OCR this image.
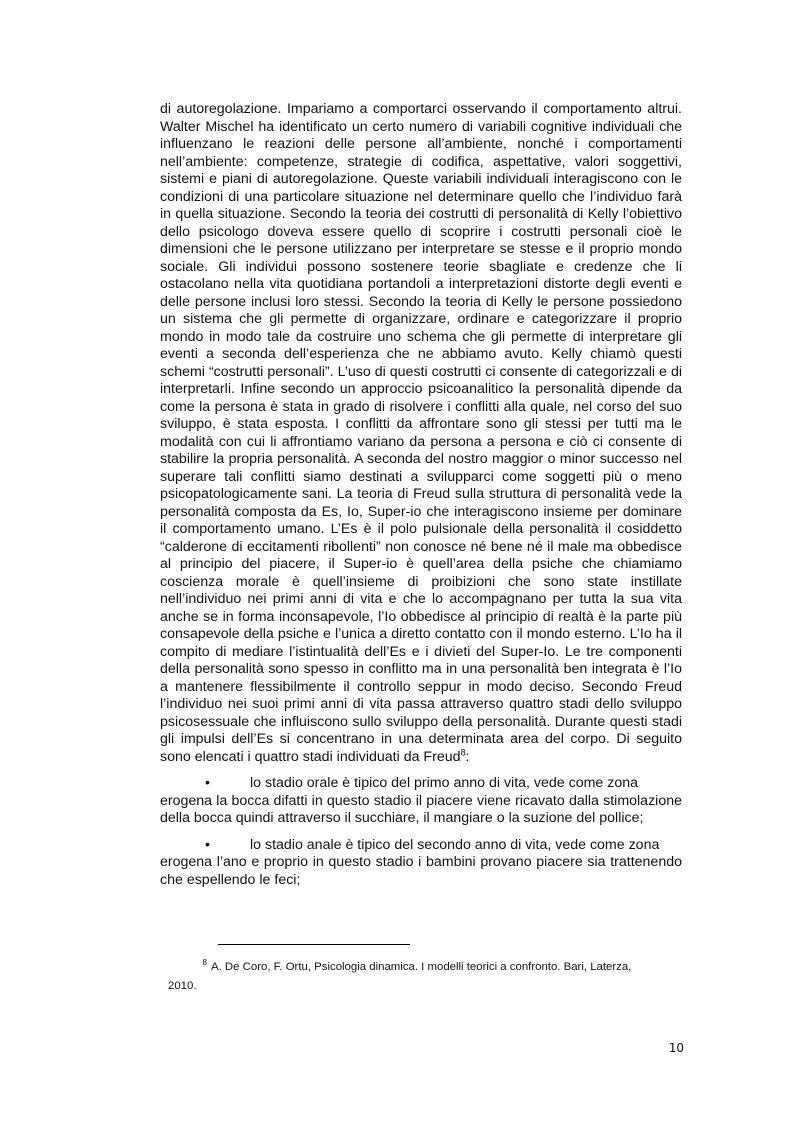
di autoregolazione. Impariamo a comportarci osservando il comportamento altrui. Walter Mischel ha identificato un certo numero di variabili cognitive individuali che influenzano le reazioni delle persone all’ambiente, nonché i comportamenti nell’ambiente: competenze, strategie di codifica, aspettative, valori soggettivi, sistemi e piani di autoregolazione. Queste variabili individuali interagiscono con le condizioni di una particolare situazione nel determinare quello che l’individuo farà in quella situazione. Secondo la teoria dei costrutti di personalità di Kelly l’obiettivo dello psicologo doveva essere quello di scoprire i costrutti personali cioè le dimensioni che le persone utilizzano per interpretare se stesse e il proprio mondo sociale. Gli individui possono sostenere teorie sbagliate e credenze che li ostacolano nella vita quotidiana portandoli a interpretazioni distorte degli eventi e delle persone inclusi loro stessi. Secondo la teoria di Kelly le persone possiedono un sistema che gli permette di organizzare, ordinare e categorizzare il proprio mondo in modo tale da costruire uno schema che gli permette di interpretare gli eventi a seconda dell’esperienza che ne abbiamo avuto. Kelly chiamò questi schemi “costrutti personali”. L’uso di questi costrutti ci consente di categorizzali e di interpretarli. Infine secondo un approccio psicoanalitico la personalità dipende da come la persona è stata in grado di risolvere i conflitti alla quale, nel corso del suo sviluppo, è stata esposta. I conflitti da affrontare sono gli stessi per tutti ma le modalità con cui li affrontiamo variano da persona a persona e ciò ci consente di stabilire la propria personalità. A seconda del nostro maggior o minor successo nel superare tali conflitti siamo destinati a svilupparci come soggetti più o meno psicopatologicamente sani. La teoria di Freud sulla struttura di personalità vede la personalità composta da Es, Io, Super-io che interagiscono insieme per dominare il comportamento umano. L’Es è il polo pulsionale della personalità il cosiddetto “calderone di eccitamenti ribollenti” non conosce né bene né il male ma obbedisce al principio del piacere, il Super-io è quell’area della psiche che chiamiamo coscienza morale è quell’insieme di proibizioni che sono state instillate nell’individuo nei primi anni di vita e che lo accompagnano per tutta la sua vita anche se in forma inconsapevole, l’Io obbedisce al principio di realtà è la parte più consapevole della psiche e l’unica a diretto contatto con il mondo esterno. L’Io ha il compito di mediare l’istintualità dell’Es e i divieti del Super-Io. Le tre componenti della personalità sono spesso in conflitto ma in una personalità ben integrata è l’Io a mantenere flessibilmente il controllo seppur in modo deciso. Secondo Freud l’individuo nei suoi primi anni di vita passa attraverso quattro stadi dello sviluppo psicosessuale che influiscono sullo sviluppo della personalità. Durante questi stadi gli impulsi dell’Es si concentrano in una determinata area del corpo. Di seguito sono elencati i quattro stadi individuati da Freud$^8$:

•	lo stadio orale è tipico del primo anno di vita, vede come zona
erogena la bocca difatti in questo stadio il piacere viene ricavato dalla stimolazione della bocca quindi attraverso il succhiare, il mangiare o la suzione del pollice;

•	lo stadio anale è tipico del secondo anno di vita, vede come zona
erogena l’ano e proprio in questo stadio i bambini provano piacere sia trattenendo che espellendo le feci;

8 A. De Coro, F. Ortu, Psicologia dinamica. I modelli teorici a confronto. Bari, Laterza,
2010.
10
